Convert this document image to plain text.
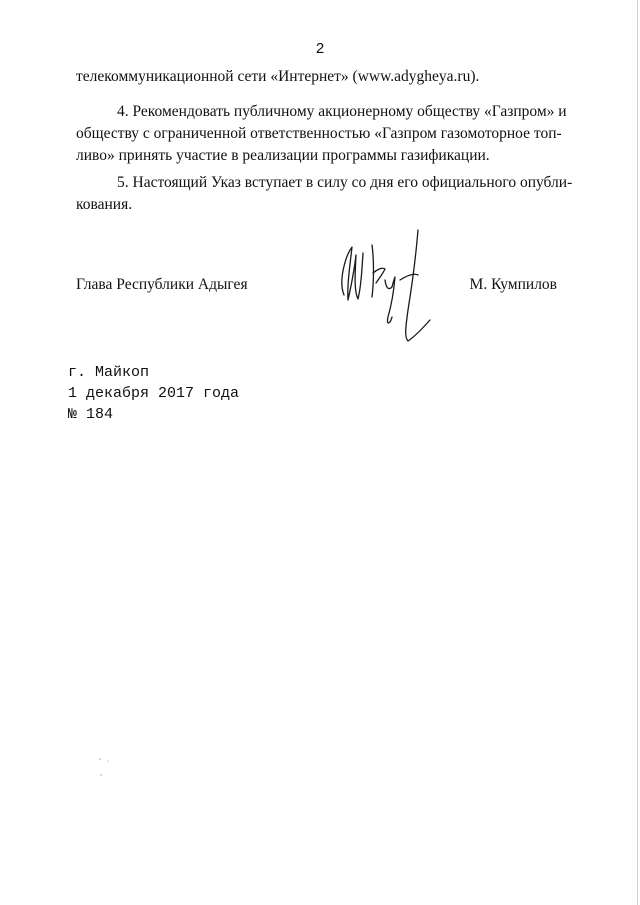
2
телекоммуникационной сети «Интернет» (www.adygheya.ru).
4. Рекомендовать публичному акционерному обществу «Газпром» и
обществу с ограниченной ответственностью «Газпром газомоторное топ-
ливо» принять участие в реализации программы газификации.
5. Настоящий Указ вступает в силу со дня его официального опубли-
кования.
Глава Республики Адыгея	М. Кумпилов
г. Майкоп
1 декабря 2017 года
№ 184
